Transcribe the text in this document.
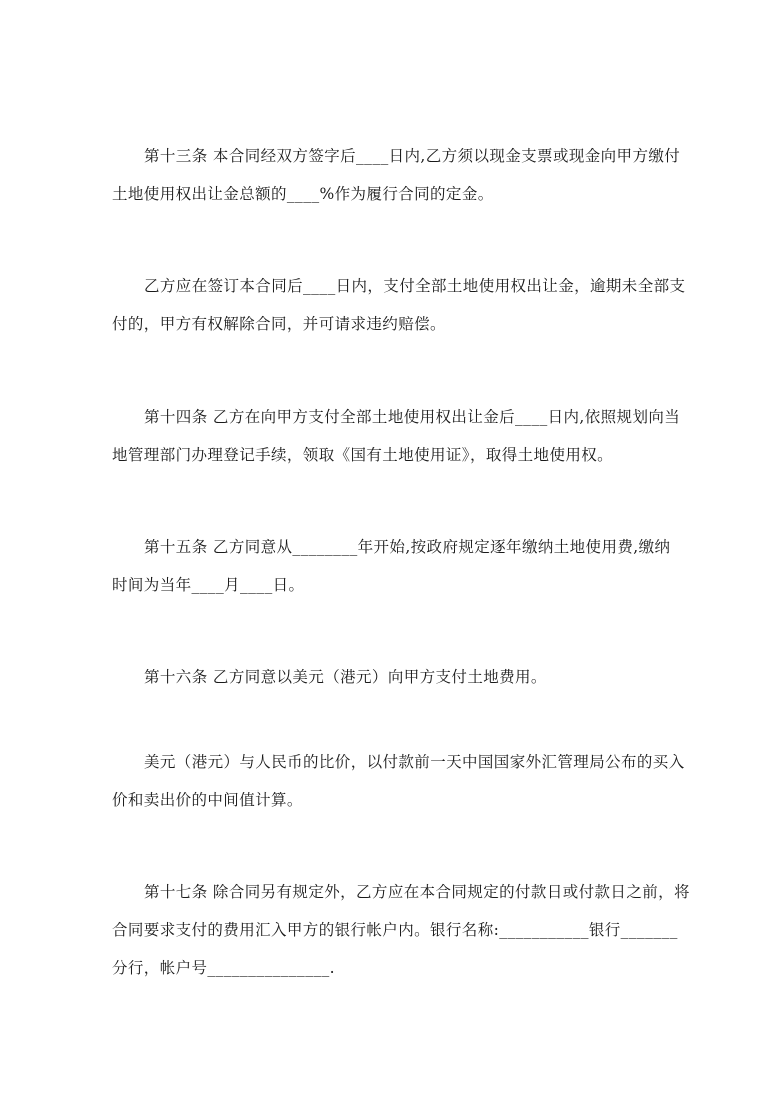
第十三条 本合同经双方签字后____日内,乙方须以现金支票或现金向甲方缴付
土地使用权出让金总额的____%作为履行合同的定金。
乙方应在签订本合同后____日内，支付全部土地使用权出让金，逾期未全部支
付的，甲方有权解除合同，并可请求违约赔偿。
第十四条 乙方在向甲方支付全部土地使用权出让金后____日内,依照规划向当
地管理部门办理登记手续，领取《国有土地使用证》，取得土地使用权。
第十五条 乙方同意从________年开始,按政府规定逐年缴纳土地使用费,缴纳
时间为当年____月____日。
第十六条 乙方同意以美元（港元）向甲方支付土地费用。
美元（港元）与人民币的比价，以付款前一天中国国家外汇管理局公布的买入
价和卖出价的中间值计算。
第十七条 除合同另有规定外，乙方应在本合同规定的付款日或付款日之前，将
合同要求支付的费用汇入甲方的银行帐户内。银行名称:___________银行_______
分行，帐户号_______________.
